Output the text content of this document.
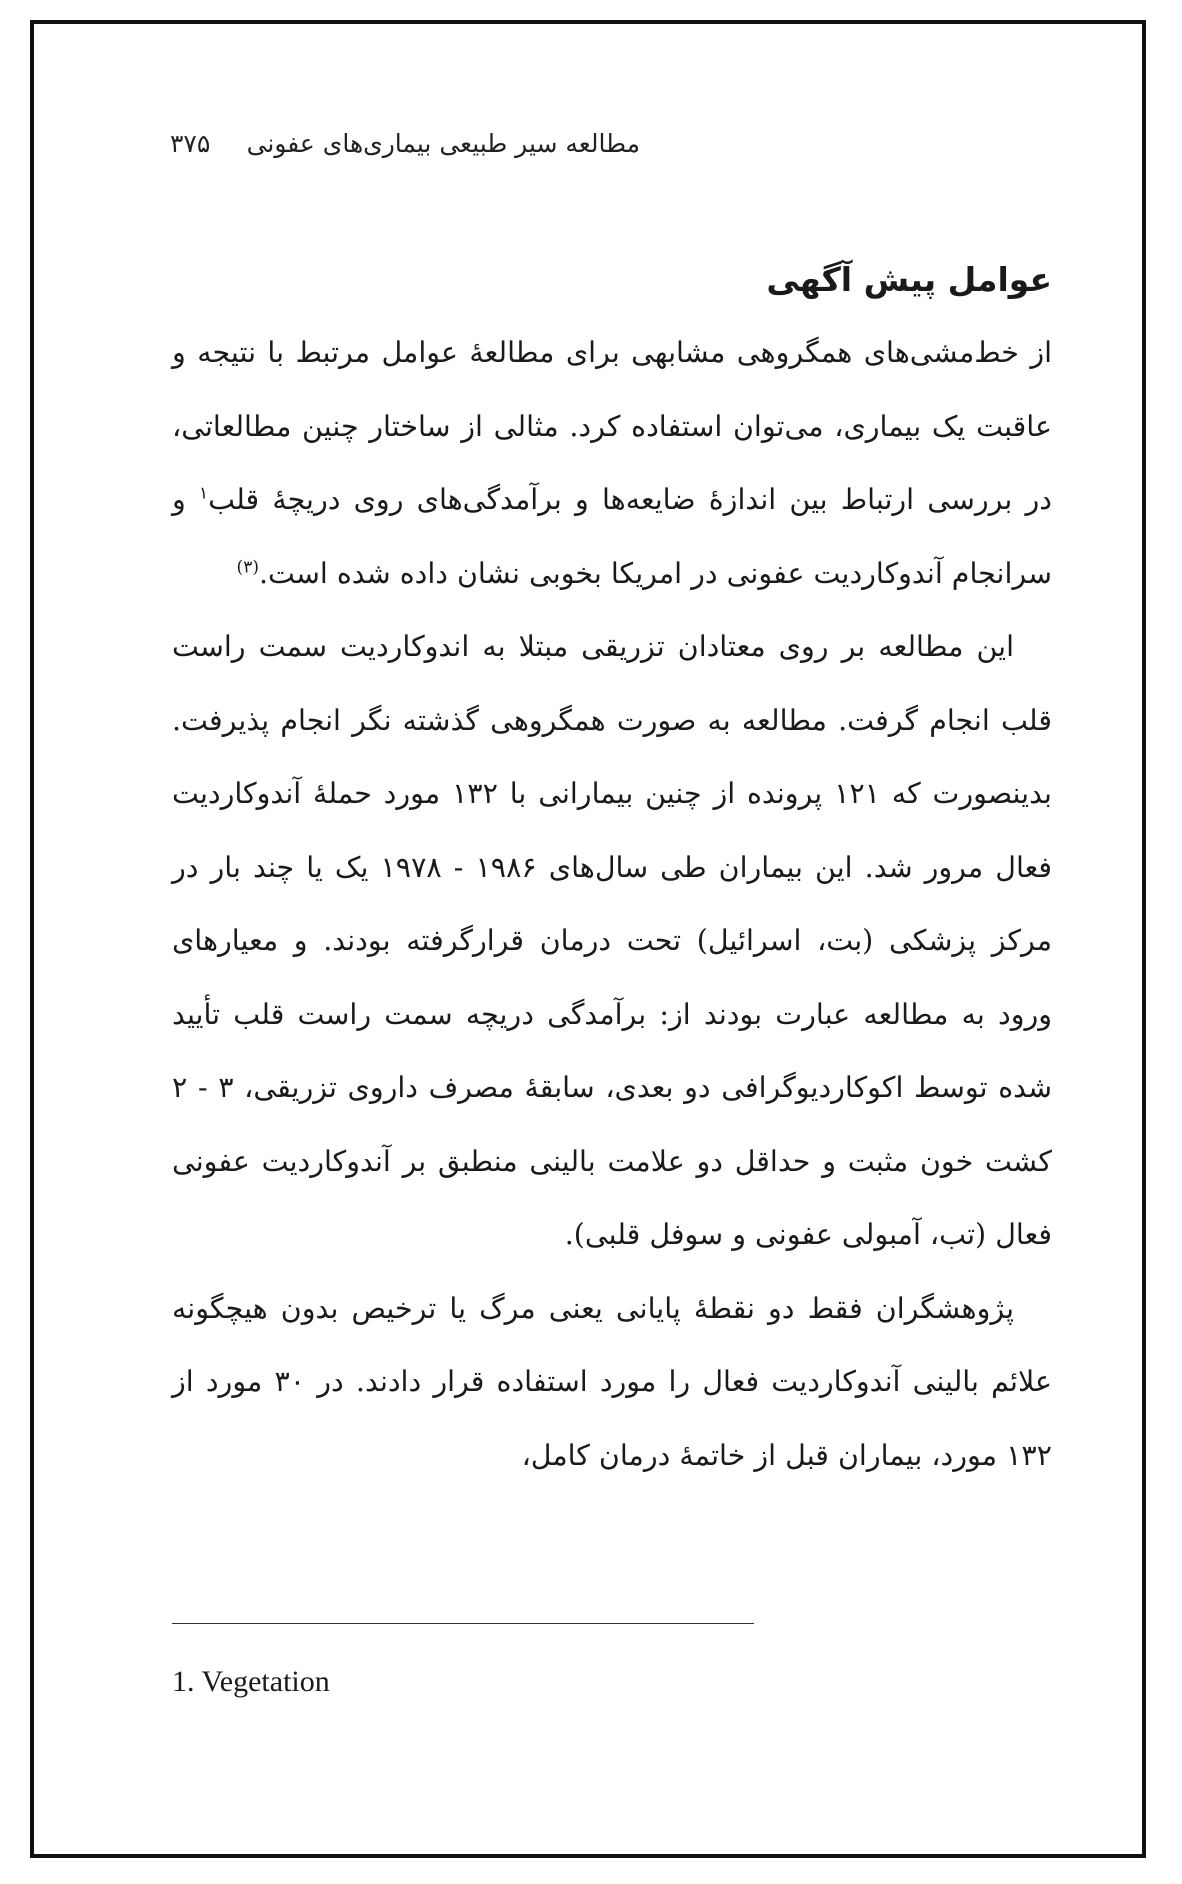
مطالعه سیر طبیعی بیماری‌های عفونی
۳۷۵
عوامل پیش آگهی

از خط‌مشی‌های همگروهی مشابهی برای مطالعهٔ عوامل مرتبط با نتیجه و عاقبت یک بیماری، می‌توان استفاده کرد. مثالی از ساختار چنین مطالعاتی، در بررسی ارتباط بین اندازهٔ ضایعه‌ها و برآمدگی‌های روی دریچهٔ قلب$^۱$ و سرانجام آندوکاردیت عفونی در امریکا بخوبی نشان داده شده است.$^{(۳)}$

این مطالعه بر روی معتادان تزریقی مبتلا به اندوکاردیت سمت راست قلب انجام گرفت. مطالعه به صورت همگروهی گذشته نگر انجام پذیرفت. بدینصورت که ۱۲۱ پرونده از چنین بیمارانی با ۱۳۲ مورد حملهٔ آندوکاردیت فعال مرور شد. این بیماران طی سال‌های ۱۹۸۶ - ۱۹۷۸ یک یا چند بار در مرکز پزشکی (بت، اسرائیل) تحت درمان قرارگرفته بودند. و معیارهای ورود به مطالعه عبارت بودند از: برآمدگی دریچه سمت راست قلب تأیید شده توسط اکوکاردیوگرافی دو بعدی، سابقهٔ مصرف داروی تزریقی، ۳ - ۲ کشت خون مثبت و حداقل دو علامت بالینی منطبق بر آندوکاردیت عفونی فعال (تب، آمبولی عفونی و سوفل قلبی).

پژوهشگران فقط دو نقطهٔ پایانی یعنی مرگ یا ترخیص بدون هیچگونه علائم بالینی آندوکاردیت فعال را مورد استفاده قرار دادند. در ۳۰ مورد از ۱۳۲ مورد، بیماران قبل از خاتمهٔ درمان کامل،

1. Vegetation
